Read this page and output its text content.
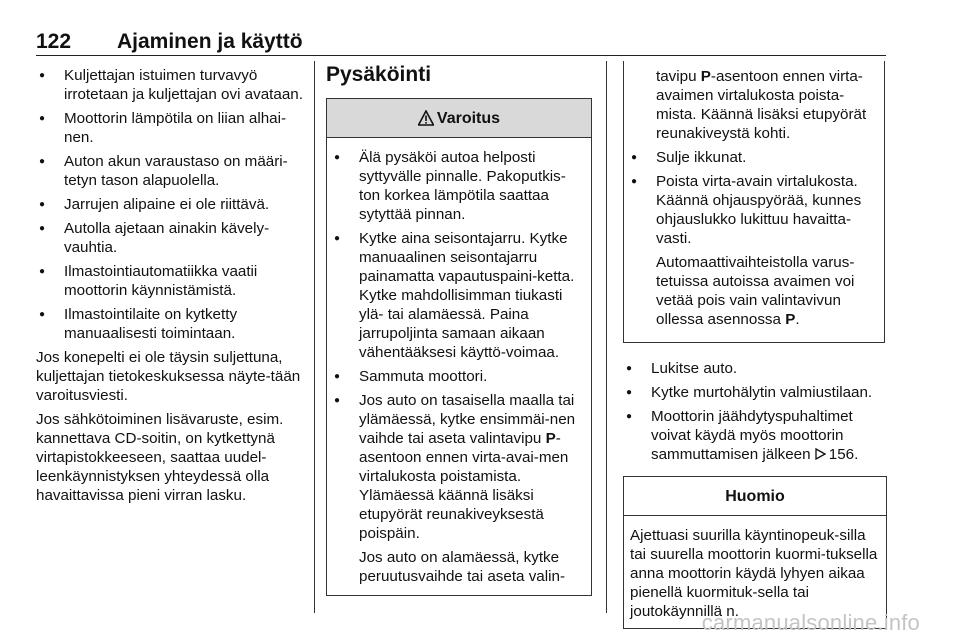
122 Ajaminen ja käyttö
● Kuljettajan istuimen turvavyö irrotetaan ja kuljettajan ovi avataan.
● Moottorin lämpötila on liian alhai-nen.
● Auton akun varaustaso on määri-tetyn tason alapuolella.
● Jarrujen alipaine ei ole riittävä.
● Autolla ajetaan ainakin kävely-vauhtia.
● Ilmastointiautomatiikka vaatii moottorin käynnistämistä.
● Ilmastointilaite on kytketty manuaalisesti toimintaan.

Jos konepelti ei ole täysin suljettuna, kuljettajan tietokeskuksessa näyte-tään varoitusviesti.

Jos sähkötoiminen lisävaruste, esim. kannettava CD-soitin, on kytkettynä virtapistokkeeseen, saattaa uudel-leenkäynnistyksen yhteydessä olla havaittavissa pieni virran lasku.

Pysäköinti
Varoitus
● Älä pysäköi autoa helposti syttyvälle pinnalle. Pakoputkis-ton korkea lämpötila saattaa sytyttää pinnan.
● Kytke aina seisontajarru. Kytke manuaalinen seisontajarru painamatta vapautuspaini-ketta. Kytke mahdollisimman tiukasti ylä- tai alamäessä. Paina jarrupoljinta samaan aikaan vähentääksesi käyttö-voimaa.
● Sammuta moottori.
● Jos auto on tasaisella maalla tai ylämäessä, kytke ensimmäi-nen vaihde tai aseta valintavipu P-asentoon ennen virta-avai-men virtalukosta poistamista. Ylämäessä käännä lisäksi etupyörät reunakiveyksestä poispäin.

Jos auto on alamäessä, kytke peruutusvaihde tai aseta valin-

tavipu P-asentoon ennen virta-avaimen virtalukosta poista-mista. Käännä lisäksi etupyörät reunakiveystä kohti.

● Sulje ikkunat.
● Poista virta-avain virtalukosta. Käännä ohjauspyörää, kunnes ohjauslukko lukittuu havaitta-vasti.

Automaattivaihteistolla varus-tetuissa autoissa avaimen voi vetää pois vain valintavivun ollessa asennossa P.

● Lukitse auto.
● Kytke murtohälytin valmiustilaan.
● Moottorin jäähdytyspuhaltimet voivat käydä myös moottorin sammuttamisen jälkeen 156.
Huomio

Ajettuasi suurilla käyntinopeuk-silla tai suurella moottorin kuormi-tuksella anna moottorin käydä lyhyen aikaa pienellä kuormituk-sella tai joutokäynnillä n.

carmanualsonline.info
